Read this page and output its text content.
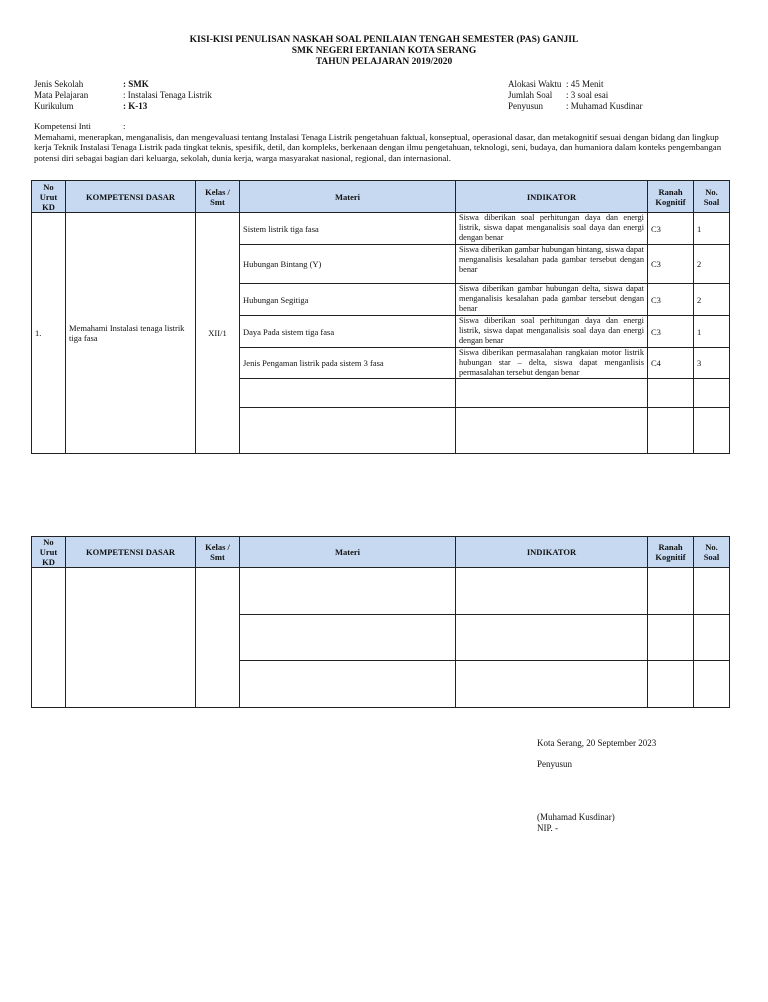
KISI-KISI PENULISAN NASKAH SOAL PENILAIAN TENGAH SEMESTER (PAS) GANJIL
SMK NEGERI ERTANIAN KOTA SERANG
TAHUN PELAJARAN 2019/2020
Jenis Sekolah	: SMK
Mata Pelajaran	: Instalasi Tenaga Listrik
Kurikulum	: K-13
Alokasi Waktu : 45 Menit
Jumlah Soal	: 3 soal esai
Penyusun	: Muhamad Kusdinar
Kompetensi Inti	:
Memahami, menerapkan, menganalisis, dan mengevaluasi tentang Instalasi Tenaga Listrik pengetahuan faktual, konseptual, operasional dasar, dan metakognitif sesuai dengan bidang dan lingkup kerja Teknik Instalasi Tenaga Listrik pada tingkat teknis, spesifik, detil, dan kompleks, berkenaan dengan ilmu pengetahuan, teknologi, seni, budaya, dan humaniora dalam konteks pengembangan potensi diri sebagai bagian dari keluarga, sekolah, dunia kerja, warga masyarakat nasional, regional, dan internasional.
No Urut KD	KOMPETENSI DASAR	Kelas / Smt	Materi	INDIKATOR	Ranah Kognitif	No. Soal
1.	Memahami Instalasi tenaga listrik tiga fasa	XII/1	Sistem listrik tiga fasa	Siswa diberikan soal perhitungan daya dan energi listrik, siswa dapat menganalisis soal daya dan energi dengan benar	C3	1
			Hubungan Bintang (Y)	Siswa diberikan gambar hubungan bintang, siswa dapat menganalisis kesalahan pada gambar tersebut dengan benar	C3	2
			Hubungan Segitiga	Siswa diberikan gambar hubungan delta, siswa dapat menganalisis kesalahan pada gambar tersebut dengan benar	C3	2
			Daya Pada sistem tiga fasa	Siswa diberikan soal perhitungan daya dan energi listrik, siswa dapat menganalisis soal daya dan energi dengan benar	C3	1
			Jenis Pengaman listrik pada sistem 3 fasa	Siswa diberikan permasalahan rangkaian motor listrik hubungan star – delta, siswa dapat menganlisis permasalahan tersebut dengan benar	C4	3

No Urut KD	KOMPETENSI DASAR	Kelas / Smt	Materi	INDIKATOR	Ranah Kognitif	No. Soal

Kota Serang, 20 September 2023
Penyusun
(Muhamad Kusdinar)
NIP. -
